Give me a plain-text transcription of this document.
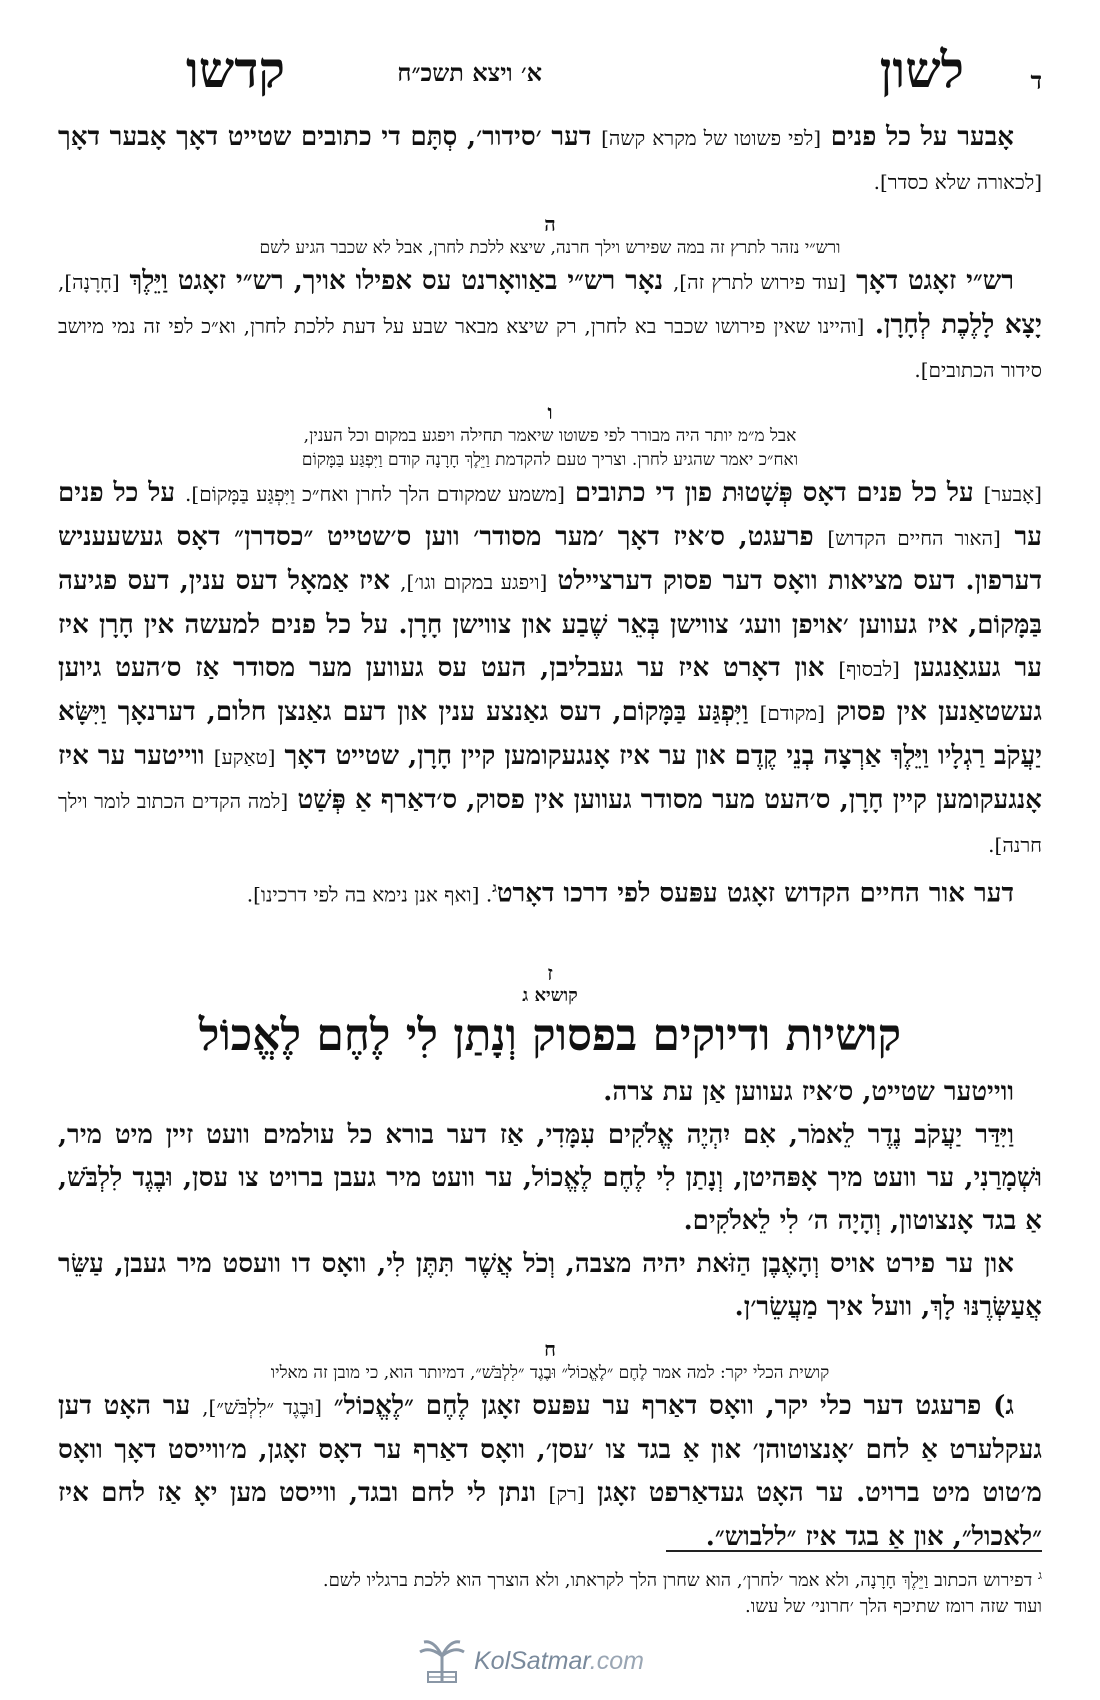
ד
לשון
א׳ ויצא תשכ״ח
קדשו

אָבער על כל פנים [לפי פשוטו של מקרא קשה] דער ׳סידור׳, סְתָּם די כתובים שטייט דאָך אָבער דאָך [לכאורה שלא כסדר].

ה
ורש״י נזהר לתרץ זה במה שפירש וילך חרנה, שיצא ללכת לחרן, אבל לא שכבר הגיע לשם

רש״י זאָגט דאָך [עוד פירוש לתרץ זה], נאָר רש״י באַוואָרנט עס אפילו אויך, רש״י זאָגט וַיֵּלֶךְ [חָרָנָה], יָצָא לָלֶכֶת לְחָרָן. [והיינו שאין פירושו שכבר בא לחרן, רק שיצא מבאר שבע על דעת ללכת לחרן, וא״כ לפי זה נמי מיושב סידור הכתובים].

ו
אבל מ״מ יותר היה מבורר לפי פשוטו שיאמר תחילה ויפגע במקום וכל הענין,
ואח״כ יאמר שהגיע לחרן. וצריך טעם להקדמת וַיֵּלֶךְ חָרָנָה קודם וַיִּפְגַּע בַּמָּקוֹם

[אָבער] על כל פנים דאָס פְּשָׁטוּת פון די כתובים [משמע שמקודם הלך לחרן ואח״כ וַיִּפְגַּע בַּמָּקוֹם]. על כל פנים ער [האור החיים הקדוש] פרעגט, ס׳איז דאָך ׳מער מסודר׳ ווען ס׳שטייט ״כסדרן״ דאָס געשעעניש דערפון. דעס מציאות וואָס דער פסוק דערציילט [ויפגע במקום וגו׳], איז אַמאָל דעס ענין, דעס פגיעה בַּמָּקוֹם, איז געווען ׳אויפן וועג׳ צווישן בְּאֵר שֶׁבַע און צווישן חָרָן. על כל פנים למעשה אין חָרָן איז ער געגאַנגען [לבסוף] און דאָרט איז ער געבליבן, העט עס געווען מער מסודר אַז ס׳העט גיוען געשטאַנען אין פסוק [מקודם] וַיִּפְגַּע בַּמָּקוֹם, דעס גאַנצע ענין און דעם גאַנצן חלום, דערנאָך וַיִּשָּׂא יַעֲקֹב רַגְלָיו וַיֵּלֶךְ אַרְצָה בְנֵי קֶדֶם און ער איז אָנגעקומען קיין חָרָן, שטייט דאָך [טאַקע] ווייטער ער איז אָנגעקומען קיין חָרָן, ס׳העט מער מסודר געווען אין פסוק, ס׳דאַרף אַ פְּשַׁט [למה הקדים הכתוב לומר וילך חרנה].

דער אור החיים הקדוש זאָגט עפּעס לפי דרכו דאָרט$^ג$. [ואף אנן נימא בה לפי דרכינו].

ז
קושיא ג
קושיות ודיוקים בפסוק וְנָתַן לִי לֶחֶם לֶאֱכוֹל

ווייטער שטייט, ס׳איז געווען אַן עת צרה.

וַיִּדַּר יַעֲקֹב נֶדֶר לֵאמֹר, אִם יִהְיֶה אֱלֹקִים עִמָּדִי, אַז דער בורא כל עולמים וועט זיין מיט מיר, וּשְׁמָרַנִי, ער וועט מיך אָפּהיטן, וְנָתַן לִי לֶחֶם לֶאֱכוֹל, ער וועט מיר געבן ברויט צו עסן, וּבֶגֶד לִלְבֹּשׁ, אַ בגד אָנצוטון, וְהָיָה ה׳ לִי לֵאלֹקִים.

און ער פירט אויס וְהָאֶבֶן הַזֹּאת יהיה מצבה, וְכֹל אֲשֶׁר תִּתֶּן לִי, וואָס דו וועסט מיר געבן, עַשֵּׂר אֲעַשְּׂרֶנּוּ לָךְ, וועל איך מַעֲשֵׂר׳ן.

ח
קושית הכלי יקר: למה אמר לֶחֶם ״לֶאֱכוֹל״ וּבֶגֶד ״לִלְבֹּשׁ״, דמיותר הוא, כי מובן זה מאליו

ג) פרעגט דער כלי יקר, וואָס דאַרף ער עפּעס זאָגן לֶחֶם ״לֶאֱכוֹל״ [וּבֶגֶד ״לִלְבֹּשׁ״], ער האָט דען געקלערט אַ לחם ׳אָנצוטוהן׳ און אַ בגד צו ׳עסן׳, וואָס דאַרף ער דאָס זאָגן, מ׳ווייסט דאָך וואָס מ׳טוט מיט ברויט. ער האָט געדאַרפט זאָגן [רק] ונתן לי לחם ובגד, ווייסט מען יאָ אַז לחם איז ״לאכול״, און אַ בגד איז ״ללבוש״.

$^ג$ דפירוש הכתוב וַיֵּלֶךְ חָרָנָה, ולא אמר ׳לחרן׳, הוא שחרן הלך לקראתו, ולא הוצרך הוא ללכת ברגליו לשם.
ועוד שזה רומז שתיכף הלך ׳חרוני׳ של עשו.
KolSatmar.com
